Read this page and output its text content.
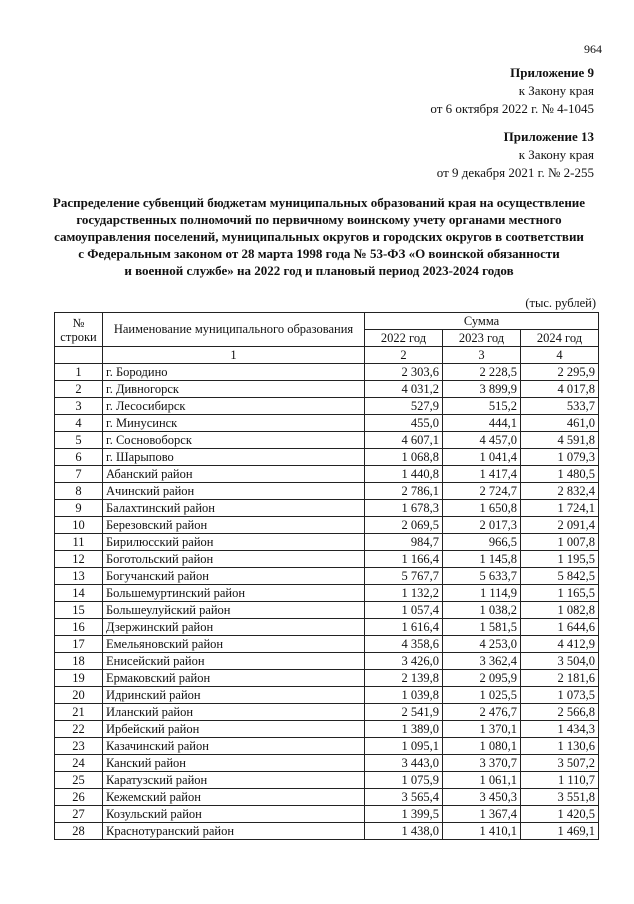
964
Приложение 9
к Закону края
от 6 октября 2022 г. № 4-1045
Приложение 13
к Закону края
от 9 декабря 2021 г. № 2-255
Распределение субвенций бюджетам муниципальных образований края на осуществление
государственных полномочий по первичному воинскому учету органами местного
самоуправления поселений, муниципальных округов и городских округов в соответствии
с Федеральным законом от 28 марта 1998 года № 53-ФЗ «О воинской обязанности
и военной службе» на 2022 год и плановый период 2023-2024 годов
(тыс. рублей)
№
строки	Наименование муниципального образования	Сумма		
		2022 год	2023 год	2024 год
	1	2	3	4
1	г. Бородино	2 303,6	2 228,5	2 295,9
2	г. Дивногорск	4 031,2	3 899,9	4 017,8
3	г. Лесосибирск	527,9	515,2	533,7
4	г. Минусинск	455,0	444,1	461,0
5	г. Сосновоборск	4 607,1	4 457,0	4 591,8
6	г. Шарыпово	1 068,8	1 041,4	1 079,3
7	Абанский район	1 440,8	1 417,4	1 480,5
8	Ачинский район	2 786,1	2 724,7	2 832,4
9	Балахтинский район	1 678,3	1 650,8	1 724,1
10	Березовский район	2 069,5	2 017,3	2 091,4
11	Бирилюсский район	984,7	966,5	1 007,8
12	Боготольский район	1 166,4	1 145,8	1 195,5
13	Богучанский район	5 767,7	5 633,7	5 842,5
14	Большемуртинский район	1 132,2	1 114,9	1 165,5
15	Большеулуйский район	1 057,4	1 038,2	1 082,8
16	Дзержинский район	1 616,4	1 581,5	1 644,6
17	Емельяновский район	4 358,6	4 253,0	4 412,9
18	Енисейский район	3 426,0	3 362,4	3 504,0
19	Ермаковский район	2 139,8	2 095,9	2 181,6
20	Идринский район	1 039,8	1 025,5	1 073,5
21	Иланский район	2 541,9	2 476,7	2 566,8
22	Ирбейский район	1 389,0	1 370,1	1 434,3
23	Казачинский район	1 095,1	1 080,1	1 130,6
24	Канский район	3 443,0	3 370,7	3 507,2
25	Каратузский район	1 075,9	1 061,1	1 110,7
26	Кежемский район	3 565,4	3 450,3	3 551,8
27	Козульский район	1 399,5	1 367,4	1 420,5
28	Краснотуранский район	1 438,0	1 410,1	1 469,1
